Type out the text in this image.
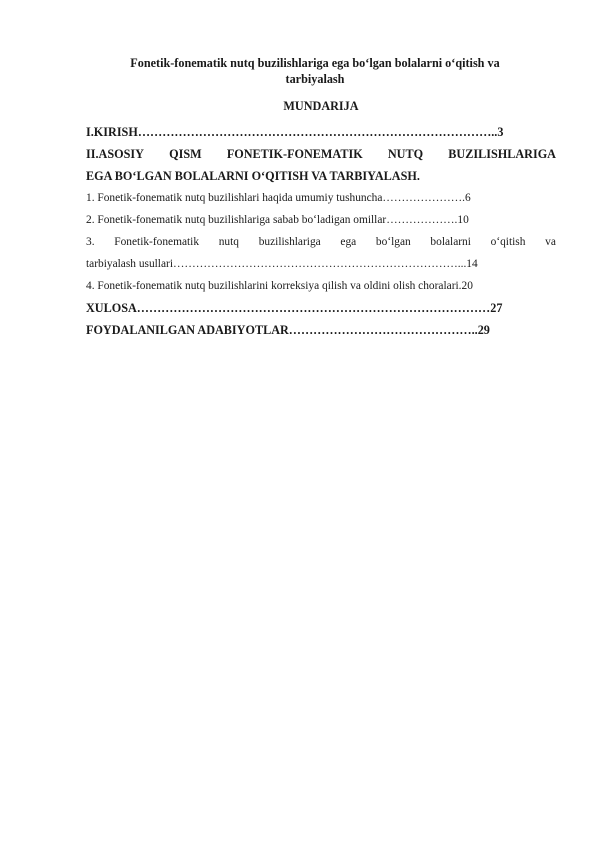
Fonetik-fonematik nutq buzilishlariga ega bo‘lgan bolalarni o‘qitish va
tarbiyalash
MUNDARIJA
I.KIRISH……………………………………………………………………………..3
II.ASOSIY QISM FONETIK-FONEMATIK NUTQ BUZILISHLARIGA
EGA BO‘LGAN BOLALARNI O‘QITISH VA TARBIYALASH.
1. Fonetik-fonematik nutq buzilishlari haqida umumiy tushuncha………………….6
2. Fonetik-fonematik nutq buzilishlariga sabab bo‘ladigan omillar……………….10
3. Fonetik-fonematik nutq buzilishlariga ega bo‘lgan bolalarni o‘qitish va
tarbiyalash usullari…………………………………………………………………...14
4. Fonetik-fonematik nutq buzilishlarini korreksiya qilish va oldini olish choralari.20
XULOSA……………………………………………………………………………27
FOYDALANILGAN ADABIYOTLAR………………………………………..29
